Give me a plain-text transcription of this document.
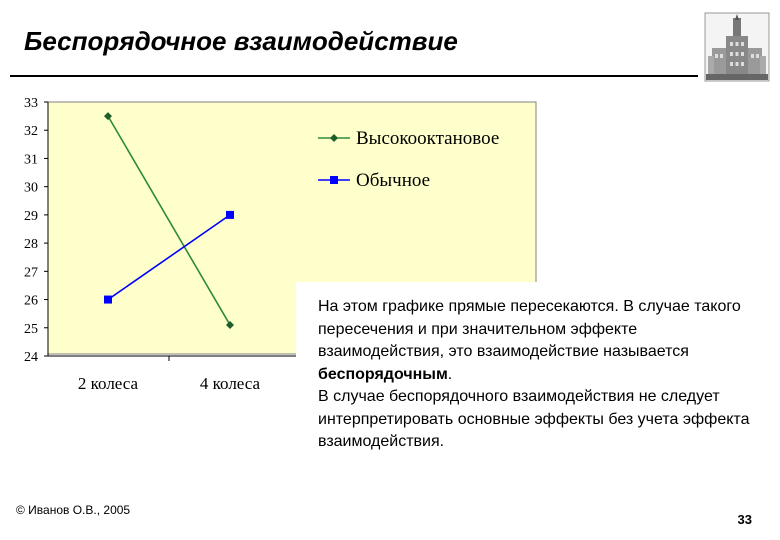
Беспорядочное взаимодействие
24
25
26
27
28
29
30
31
32
33
2 колеса	4 колеса
Высокооктановое
Обычное

На этом графике прямые пересекаются. В случае такого пересечения и при значительном эффекте взаимодействия, это взаимодействие называется беспорядочным.

В случае беспорядочного взаимодействия не следует интерпретировать основные эффекты без учета эффекта взаимодействия.

© Иванов О.В., 2005
33
